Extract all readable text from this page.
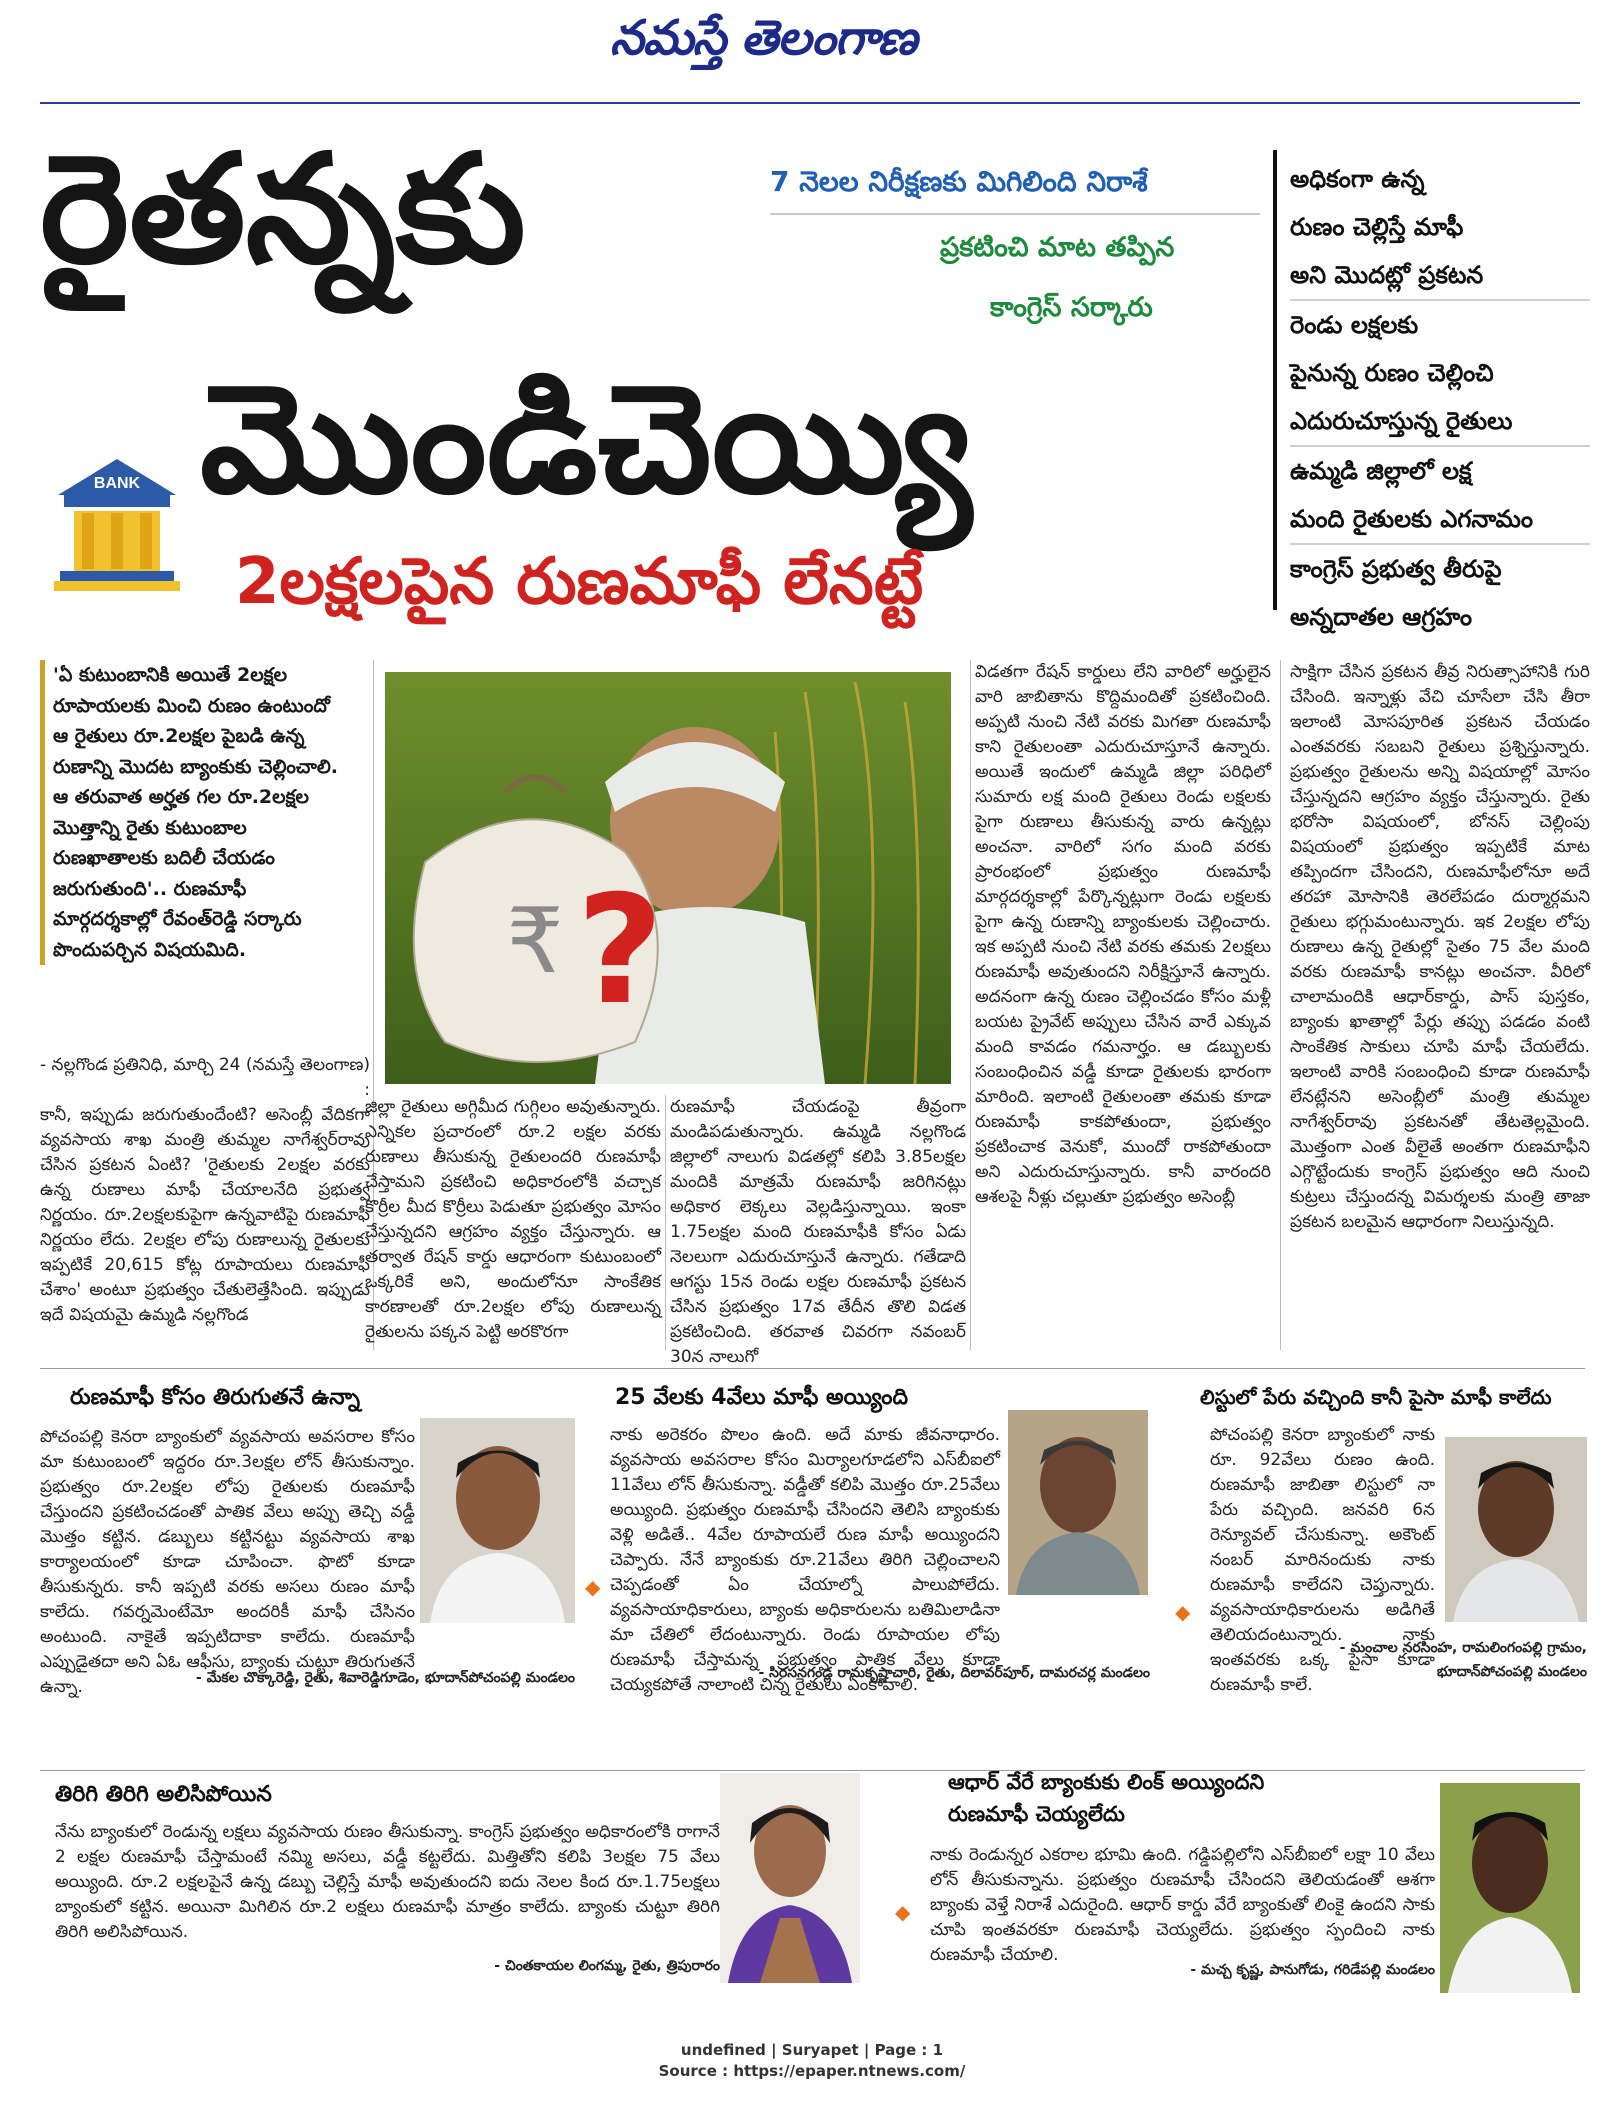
నమస్తే తెలంగాణ
రైతన్నకు
మొండిచెయ్యి
2లక్షలపైన రుణమాఫీ లేనట్టే
7 నెలల నిరీక్షణకు మిగిలింది నిరాశే
ప్రకటించి మాట తప్పిన
కాంగ్రెస్ సర్కారు
అధికంగా ఉన్న
రుణం చెల్లిస్తే మాఫీ
అని మొదట్లో ప్రకటన
రెండు లక్షలకు
పైనున్న రుణం చెల్లించి
ఎదురుచూస్తున్న రైతులు
ఉమ్మడి జిల్లాలో లక్ష
మంది రైతులకు ఎగనామం
కాంగ్రెస్ ప్రభుత్వ తీరుపై
అన్నదాతల ఆగ్రహం
BANK
'ఏ కుటుంబానికి అయితే 2లక్షల
రూపాయలకు మించి రుణం ఉంటుందో
ఆ రైతులు రూ.2లక్షల పైబడి ఉన్న
రుణాన్ని మొదట బ్యాంకుకు చెల్లించాలి.
ఆ తరువాత అర్హత గల రూ.2లక్షల
మొత్తాన్ని రైతు కుటుంబాల
రుణఖాతాలకు బదిలీ చేయడం
జరుగుతుంది'.. రుణమాఫీ
మార్గదర్శకాల్లో రేవంత్‌రెడ్డి సర్కారు
పొందుపర్చిన విషయమిది.
- నల్లగొండ ప్రతినిధి, మార్చి 24 (నమస్తే తెలంగాణ) :
₹ ?

కానీ, ఇప్పుడు జరుగుతుందేంటి? అసెంబ్లీ వేదికగా వ్యవసాయ శాఖ మంత్రి తుమ్మల నాగేశ్వర్‌రావు చేసిన ప్రకటన ఏంటి? 'రైతులకు 2లక్షల వరకు ఉన్న రుణాలు మాఫీ చేయాలనేది ప్రభుత్వ నిర్ణయం. రూ.2లక్షలకుపైగా ఉన్నవాటిపై రుణమాఫీ నిర్ణయం లేదు. 2లక్షల లోపు రుణాలున్న రైతులకు ఇప్పటికే 20,615 కోట్ల రూపాయలు రుణమాఫీ చేశాం' అంటూ ప్రభుత్వం చేతులెత్తేసింది. ఇప్పుడు ఇదే విషయమై ఉమ్మడి నల్లగొండ

జిల్లా రైతులు అగ్గిమీద గుగ్గిలం అవుతున్నారు. ఎన్నికల ప్రచారంలో రూ.2 లక్షల వరకు రుణాలు తీసుకున్న రైతులందరి రుణమాఫీ చేస్తామని ప్రకటించి అధికారంలోకి వచ్చాక కొర్రీల మీద కొర్రీలు పెడుతూ ప్రభుత్వం మోసం చేస్తున్నదని ఆగ్రహం వ్యక్తం చేస్తున్నారు. ఆ తర్వాత రేషన్ కార్డు ఆధారంగా కుటుంబంలో ఒక్కరికే అని, అందులోనూ సాంకేతిక కారణాలతో రూ.2లక్షల లోపు రుణాలున్న రైతులను పక్కన పెట్టి అరకొరగా

రుణమాఫీ చేయడంపై తీవ్రంగా మండిపడుతున్నారు. ఉమ్మడి నల్లగొండ జిల్లాలో నాలుగు విడతల్లో కలిపి 3.85లక్షల మందికి మాత్రమే రుణమాఫీ జరిగినట్లు అధికార లెక్కలు వెల్లడిస్తున్నాయి. ఇంకా 1.75లక్షల మంది రుణమాఫీకి కోసం ఏడు నెలలుగా ఎదురుచూస్తునే ఉన్నారు. గతేడాది ఆగస్టు 15న రెండు లక్షల రుణమాఫీ ప్రకటన చేసిన ప్రభుత్వం 17వ తేదీన తొలి విడత ప్రకటించింది. తరవాత చివరగా నవంబర్ 30న నాలుగో

విడతగా రేషన్ కార్డులు లేని వారిలో అర్హులైన వారి జాబితాను కొద్దిమందితో ప్రకటించింది. అప్పటి నుంచి నేటి వరకు మిగతా రుణమాఫీ కాని రైతులంతా ఎదురుచూస్తూనే ఉన్నారు. అయితే ఇందులో ఉమ్మడి జిల్లా పరిధిలో సుమారు లక్ష మంది రైతులు రెండు లక్షలకు పైగా రుణాలు తీసుకున్న వారు ఉన్నట్లు అంచనా. వారిలో సగం మంది వరకు ప్రారంభంలో ప్రభుత్వం రుణమాఫీ మార్గదర్శకాల్లో పేర్కొన్నట్లుగా రెండు లక్షలకు పైగా ఉన్న రుణాన్ని బ్యాంకులకు చెల్లించారు. ఇక అప్పటి నుంచి నేటి వరకు తమకు 2లక్షలు రుణమాఫీ అవుతుందని నిరీక్షిస్తూనే ఉన్నారు. అదనంగా ఉన్న రుణం చెల్లించడం కోసం మళ్లీ బయట ప్రైవేట్ అప్పులు చేసిన వారే ఎక్కువ మంది కావడం గమనార్హం. ఆ డబ్బులకు సంబంధించిన వడ్డీ కూడా రైతులకు భారంగా మారింది. ఇలాంటి రైతులంతా తమకు కూడా రుణమాఫీ కాకపోతుందా, ప్రభుత్వం ప్రకటించాక వెనుకో, ముందో రాకపోతుందా అని ఎదురుచూస్తున్నారు. కానీ వారందరి ఆశలపై నీళ్లు చల్లుతూ ప్రభుత్వం అసెంబ్లీ

సాక్షిగా చేసిన ప్రకటన తీవ్ర నిరుత్సాహానికి గురి చేసింది. ఇన్నాళ్లు వేచి చూసేలా చేసి తీరా ఇలాంటి మోసపూరిత ప్రకటన చేయడం ఎంతవరకు సబబని రైతులు ప్రశ్నిస్తున్నారు. ప్రభుత్వం రైతులను అన్ని విషయాల్లో మోసం చేస్తున్నదని ఆగ్రహం వ్యక్తం చేస్తున్నారు. రైతు భరోసా విషయంలో, బోనస్ చెల్లింపు విషయంలో ప్రభుత్వం ఇప్పటికే మాట తప్పిందగా చేసిందని, రుణమాఫీలోనూ అదే తరహా మోసానికి తెరలేపడం దుర్మార్గమని రైతులు భగ్గుమంటున్నారు. ఇక 2లక్షల లోపు రుణాలు ఉన్న రైతుల్లో సైతం 75 వేల మంది వరకు రుణమాఫీ కానట్లు అంచనా. వీరిలో చాలామందికి ఆధార్‌కార్డు, పాస్ పుస్తకం, బ్యాంకు ఖాతాల్లో పేర్లు తప్పు పడడం వంటి సాంకేతిక సాకులు చూపి మాఫీ చేయలేదు. ఇలాంటి వారికి సంబంధించి కూడా రుణమాఫీ లేనట్లేనని అసెంబ్లీలో మంత్రి తుమ్మల నాగేశ్వర్‌రావు ప్రకటనతో తేటతెల్లమైంది. మొత్తంగా ఎంత వీలైతే అంతగా రుణమాఫీని ఎగ్గొట్టేందుకు కాంగ్రెస్ ప్రభుత్వం ఆది నుంచి కుట్రలు చేస్తుందన్న విమర్శలకు మంత్రి తాజా ప్రకటన బలమైన ఆధారంగా నిలుస్తున్నది.

రుణమాఫీ కోసం తిరుగుతనే ఉన్నా
పోచంపల్లి కెనరా బ్యాంకులో వ్యవసాయ అవసరాల కోసం మా కుటుంబంలో ఇద్దరం రూ.3లక్షల లోన్ తీసుకున్నాం. ప్రభుత్వం రూ.2లక్షల లోపు రైతులకు రుణమాఫీ చేస్తుందని ప్రకటించడంతో పాతిక వేలు అప్పు తెచ్చి వడ్డీ మొత్తం కట్టిన. డబ్బులు కట్టినట్టు వ్యవసాయ శాఖ కార్యాలయంలో కూడా చూపించా. ఫొటో కూడా తీసుకున్నరు. కానీ ఇప్పటి వరకు అసలు రుణం మాఫీ కాలేదు. గవర్నమెంటేమో అందరికీ మాఫీ చేసినం అంటుంది. నాకైతే ఇప్పటిదాకా కాలేదు. రుణమాఫీ ఎప్పుడైతదా అని ఏఓ ఆఫీసు, బ్యాంకు చుట్టూ తిరుగుతనే ఉన్నా.
◆
- మేకల చొక్కారెడ్డి, రైతు, శివారెడ్డిగూడెం, భూదాన్‌పోచంపల్లి మండలం
25 వేలకు 4వేలు మాఫీ అయ్యింది
నాకు అరెకరం పొలం ఉంది. అదే మాకు జీవనాధారం. వ్యవసాయ అవసరాల కోసం మిర్యాలగూడలోని ఎస్‌బీఐలో 11వేలు లోన్ తీసుకున్నా. వడ్డీతో కలిపి మొత్తం రూ.25వేలు అయ్యింది. ప్రభుత్వం రుణమాఫీ చేసిందని తెలిసి బ్యాంకుకు వెళ్లి అడితే.. 4వేల రూపాయలే రుణ మాఫీ అయ్యిందని చెప్పారు. నేనే బ్యాంకుకు రూ.21వేలు తిరిగి చెల్లించాలని చెప్పడంతో ఏం చేయాల్నో పాలుపోలేదు. వ్యవసాయాధికారులు, బ్యాంకు అధికారులను బతిమిలాడినా మా చేతిలో లేదంటున్నారు. రెండు రూపాయల లోపు రుణమాఫీ చేస్తామన్న ప్రభుత్వం పాతిక వేలు కూడా చెయ్యకపోతే నాలాంటి చిన్న రైతులు ఏంకావాలి.
- సిరసనగండ్ల రామకృష్ణాచారి, రైతు, దిలావర్‌పూర్, దామరచర్ల మండలం
లిస్టులో పేరు వచ్చింది కానీ పైసా మాఫీ కాలేదు
◆
పోచంపల్లి కెనరా బ్యాంకులో నాకు రూ. 92వేలు రుణం ఉంది. రుణమాఫీ జాబితా లిస్టులో నా పేరు వచ్చింది. జనవరి 6న రెన్యూవల్ చేసుకున్నా. అకౌంట్ నంబర్ మారినందుకు నాకు రుణమాఫీ కాలేదని చెప్తున్నారు. వ్యవసాయాధికారులను అడిగితే తెలియదంటున్నారు. నాకు ఇంతవరకు ఒక్క పైసా కూడా రుణమాఫీ కాలే.
- మంచాల నరసింహ, రామలింగంపల్లి గ్రామం,
భూదాన్‌పోచంపల్లి మండలం
తిరిగి తిరిగి అలిసిపోయిన
నేను బ్యాంకులో రెండున్న లక్షలు వ్యవసాయ రుణం తీసుకున్నా. కాంగ్రెస్ ప్రభుత్వం అధికారంలోకి రాగానే 2 లక్షల రుణమాఫీ చేస్తామంటే నమ్మి అసలు, వడ్డీ కట్టలేదు. మిత్తితోని కలిపి 3లక్షల 75 వేలు అయ్యింది. రూ.2 లక్షలపైనే ఉన్న డబ్బు చెల్లిస్తే మాఫీ అవుతుందని ఐదు నెలల కింద రూ.1.75లక్షలు బ్యాంకులో కట్టిన. అయినా మిగిలిన రూ.2 లక్షలు రుణమాఫీ మాత్రం కాలేదు. బ్యాంకు చుట్టూ తిరిగి తిరిగి అలిసిపోయిన.
- చింతకాయల లింగమ్మ, రైతు, త్రిపురారం
◆
ఆధార్ వేరే బ్యాంకుకు లింక్ అయ్యిందని
రుణమాఫీ చెయ్యలేదు
నాకు రెండున్నర ఎకరాల భూమి ఉంది. గడ్డిపల్లిలోని ఎస్‌బీఐలో లక్షా 10 వేలు లోన్ తీసుకున్నాను. ప్రభుత్వం రుణమాఫీ చేసిందని తెలియడంతో ఆశగా బ్యాంకు వెళ్తే నిరాశే ఎదురైంది. ఆధార్ కార్డు వేరే బ్యాంకుతో లింకై ఉందని సాకు చూపి ఇంతవరకూ రుణమాఫీ చెయ్యలేదు. ప్రభుత్వం స్పందించి నాకు రుణమాఫీ చేయాలి.
- మచ్చ కృష్ణ, పానుగోడు, గరిడేపల్లి మండలం
undefined | Suryapet | Page : 1
Source : https://epaper.ntnews.com/
